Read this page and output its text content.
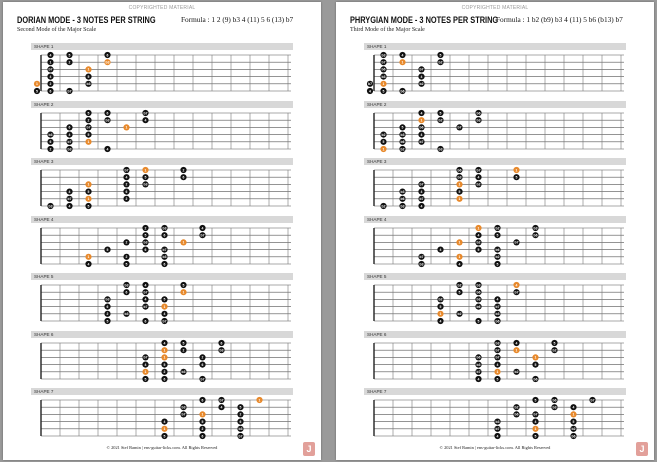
COPYRIGHTED MATERIAL
DORIAN MODE - 3 NOTES PER STRING
Second Mode of the Major Scale
Formula : 1 2 (9) b3 4 (11) 5 6 (13) b7
SHAPE 1
4	5	6
1	2	b3
b7	1
4	5
1	2	b3
5	6	b7
SHAPE 2
5	6	b7
2	b3	4
6	b7	1
b3	4	5
6	b7	1
2	b3	4
SHAPE 3
b7	1	2
4	5	6
1	2	b3
4	5	6
b7	1	2
b3	4	5
SHAPE 4
2	b3	4
5	6	b7
2	b3	1
5	6	b7
1	2	b3
4	5	6
SHAPE 5
b3	4	5
6	b7	1
b3	4	5
6	b7	1
2	b3	4
5	6	b7
SHAPE 6
4	5	6
1	2	b3
b7	1	2
4	5	6
1	2	b3
5	6	b7
SHAPE 7
6	b7	1
b3	4	5
b7	1	2
4	5	6
1	2	b3
5	6	b7
© 2021 Stef Ramin | ens-guitar-licks.com. All Rights Reserved	J
COPYRIGHTED MATERIAL
PHRYGIAN MODE - 3 NOTES PER STRING
Third Mode of the Major Scale
Formula : 1 b2 (b9) b3 4 (11) 5 b6 (b13) b7
SHAPE 1
b3	4	5
b7	1	b2
b6	b7
b3	4
b7	1	b2
4	5	b6
SHAPE 2
4	5	b6
1	b2	b3
5	b6	b7
b2	b3	4
5	b6	b7
1	b2	b3
SHAPE 3
b6	b7	1
b3	4	5
b7	1	b2
b3	4	5
b6	b7	1
b2	b3	4
SHAPE 4
1	b2	b3
4	5	b6
1	b2	b7
4	5	b6
b7	1	b2
b3	4	5
SHAPE 5
b2	b3	4
5	b6	b7
b2	b3	4
5	b6	b7
1	b2	b3
4	5	b6
SHAPE 6
b3	4	5
b7	1	b2
b6	b7	1
b3	4	5
b7	1	b2
4	5	b6
SHAPE 7
5	b6	b7
b2	b3	4
b6	b7	1
b3	4	5
b7	1	b2
4	5	b6
© 2021 Stef Ramin | ens-guitar-licks.com. All Rights Reserved	J
